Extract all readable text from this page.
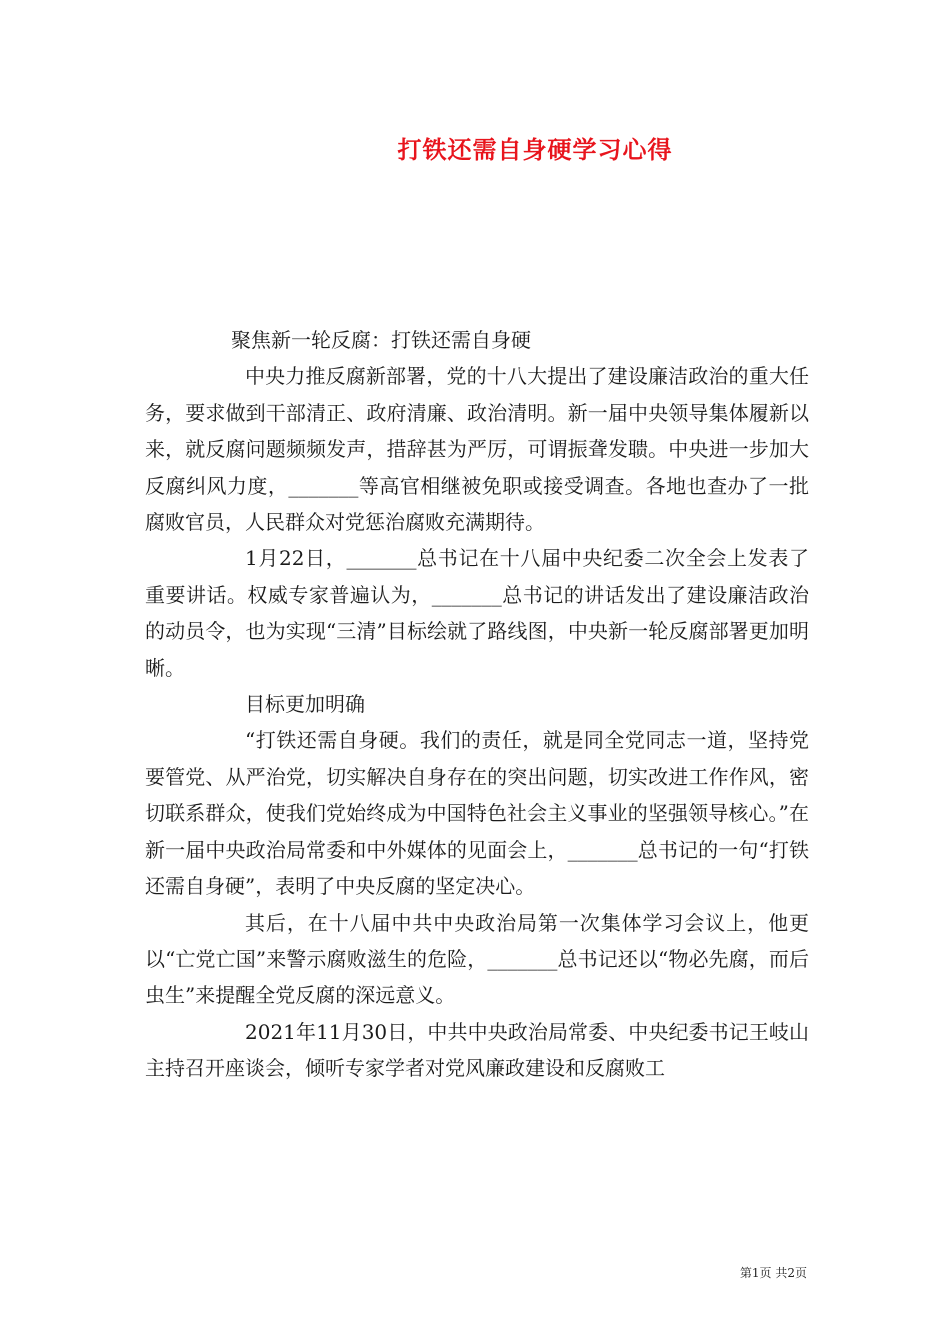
打铁还需自身硬学习心得

聚焦新一轮反腐：打铁还需自身硬

中央力推反腐新部署，党的十八大提出了建设廉洁政治的重大任务，要求做到干部清正、政府清廉、政治清明。新一届中央领导集体履新以来，就反腐问题频频发声，措辞甚为严厉，可谓振聋发聩。中央进一步加大反腐纠风力度，_______等高官相继被免职或接受调查。各地也查办了一批腐败官员，人民群众对党惩治腐败充满期待。

1月22日，_______总书记在十八届中央纪委二次全会上发表了重要讲话。权威专家普遍认为，_______总书记的讲话发出了建设廉洁政治的动员令，也为实现“三清”目标绘就了路线图，中央新一轮反腐部署更加明晰。

目标更加明确

“打铁还需自身硬。我们的责任，就是同全党同志一道，坚持党要管党、从严治党，切实解决自身存在的突出问题，切实改进工作作风，密切联系群众，使我们党始终成为中国特色社会主义事业的坚强领导核心。”在新一届中央政治局常委和中外媒体的见面会上，_______总书记的一句“打铁还需自身硬”，表明了中央反腐的坚定决心。

其后，在十八届中共中央政治局第一次集体学习会议上，他更以“亡党亡国”来警示腐败滋生的危险，_______总书记还以“物必先腐，而后虫生”来提醒全党反腐的深远意义。

2021年11月30日，中共中央政治局常委、中央纪委书记王岐山主持召开座谈会，倾听专家学者对党风廉政建设和反腐败工

第1页 共2页
